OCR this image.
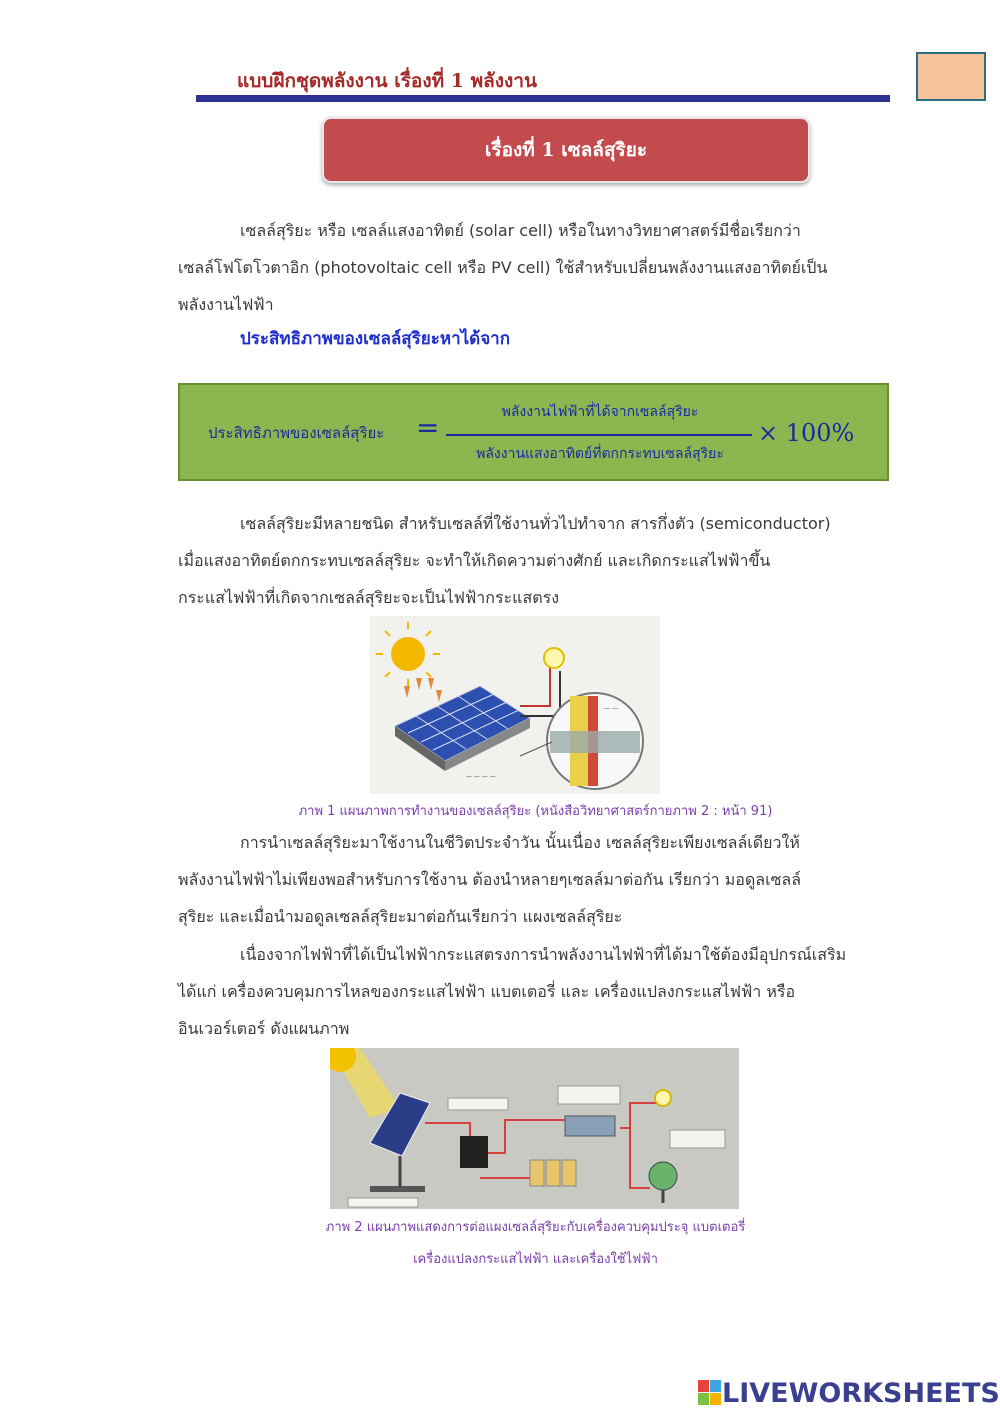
แบบฝึกชุดพลังงาน เรื่องที่ 1 พลังงาน
เรื่องที่ 1 เซลล์สุริยะ
เซลล์สุริยะ หรือ เซลล์แสงอาทิตย์ (solar cell) หรือในทางวิทยาศาสตร์มีชื่อเรียกว่า
เซลล์โฟโตโวตาอิก (photovoltaic cell หรือ PV cell) ใช้สำหรับเปลี่ยนพลังงานแสงอาทิตย์เป็น
พลังงานไฟฟ้า
ประสิทธิภาพของเซลล์สุริยะหาได้จาก
ประสิทธิภาพของเซลล์สุริยะ =	พลังงานไฟฟ้าที่ได้จากเซลล์สุริยะ
พลังงานแสงอาทิตย์ที่ตกกระทบเซลล์สุริยะ
× 100%
เซลล์สุริยะมีหลายชนิด สำหรับเซลล์ที่ใช้งานทั่วไปทำจาก สารกึ่งตัว (semiconductor)
เมื่อแสงอาทิตย์ตกกระทบเซลล์สุริยะ จะทำให้เกิดความต่างศักย์ และเกิดกระแสไฟฟ้าขึ้น
กระแสไฟฟ้าที่เกิดจากเซลล์สุริยะจะเป็นไฟฟ้ากระแสตรง
— — — —
— —
ภาพ 1 แผนภาพการทำงานของเซลล์สุริยะ (หนังสือวิทยาศาสตร์กายภาพ 2 : หน้า 91)
การนำเซลล์สุริยะมาใช้งานในชีวิตประจำวัน นั้นเนื่อง เซลล์สุริยะเพียงเซลล์เดียวให้
พลังงานไฟฟ้าไม่เพียงพอสำหรับการใช้งาน ต้องนำหลายๆเซลล์มาต่อกัน เรียกว่า มอดูลเซลล์
สุริยะ และเมื่อนำมอดูลเซลล์สุริยะมาต่อกันเรียกว่า แผงเซลล์สุริยะ
เนื่องจากไฟฟ้าที่ได้เป็นไฟฟ้ากระแสตรงการนำพลังงานไฟฟ้าที่ได้มาใช้ต้องมีอุปกรณ์เสริม
ได้แก่ เครื่องควบคุมการไหลของกระแสไฟฟ้า แบตเตอรี่ และ เครื่องแปลงกระแสไฟฟ้า หรือ
อินเวอร์เตอร์ ดังแผนภาพ
ภาพ 2 แผนภาพแสดงการต่อแผงเซลล์สุริยะกับเครื่องควบคุมประจุ แบตเตอรี่
เครื่องแปลงกระแสไฟฟ้า และเครื่องใช้ไฟฟ้า
LIVEWORKSHEETS
